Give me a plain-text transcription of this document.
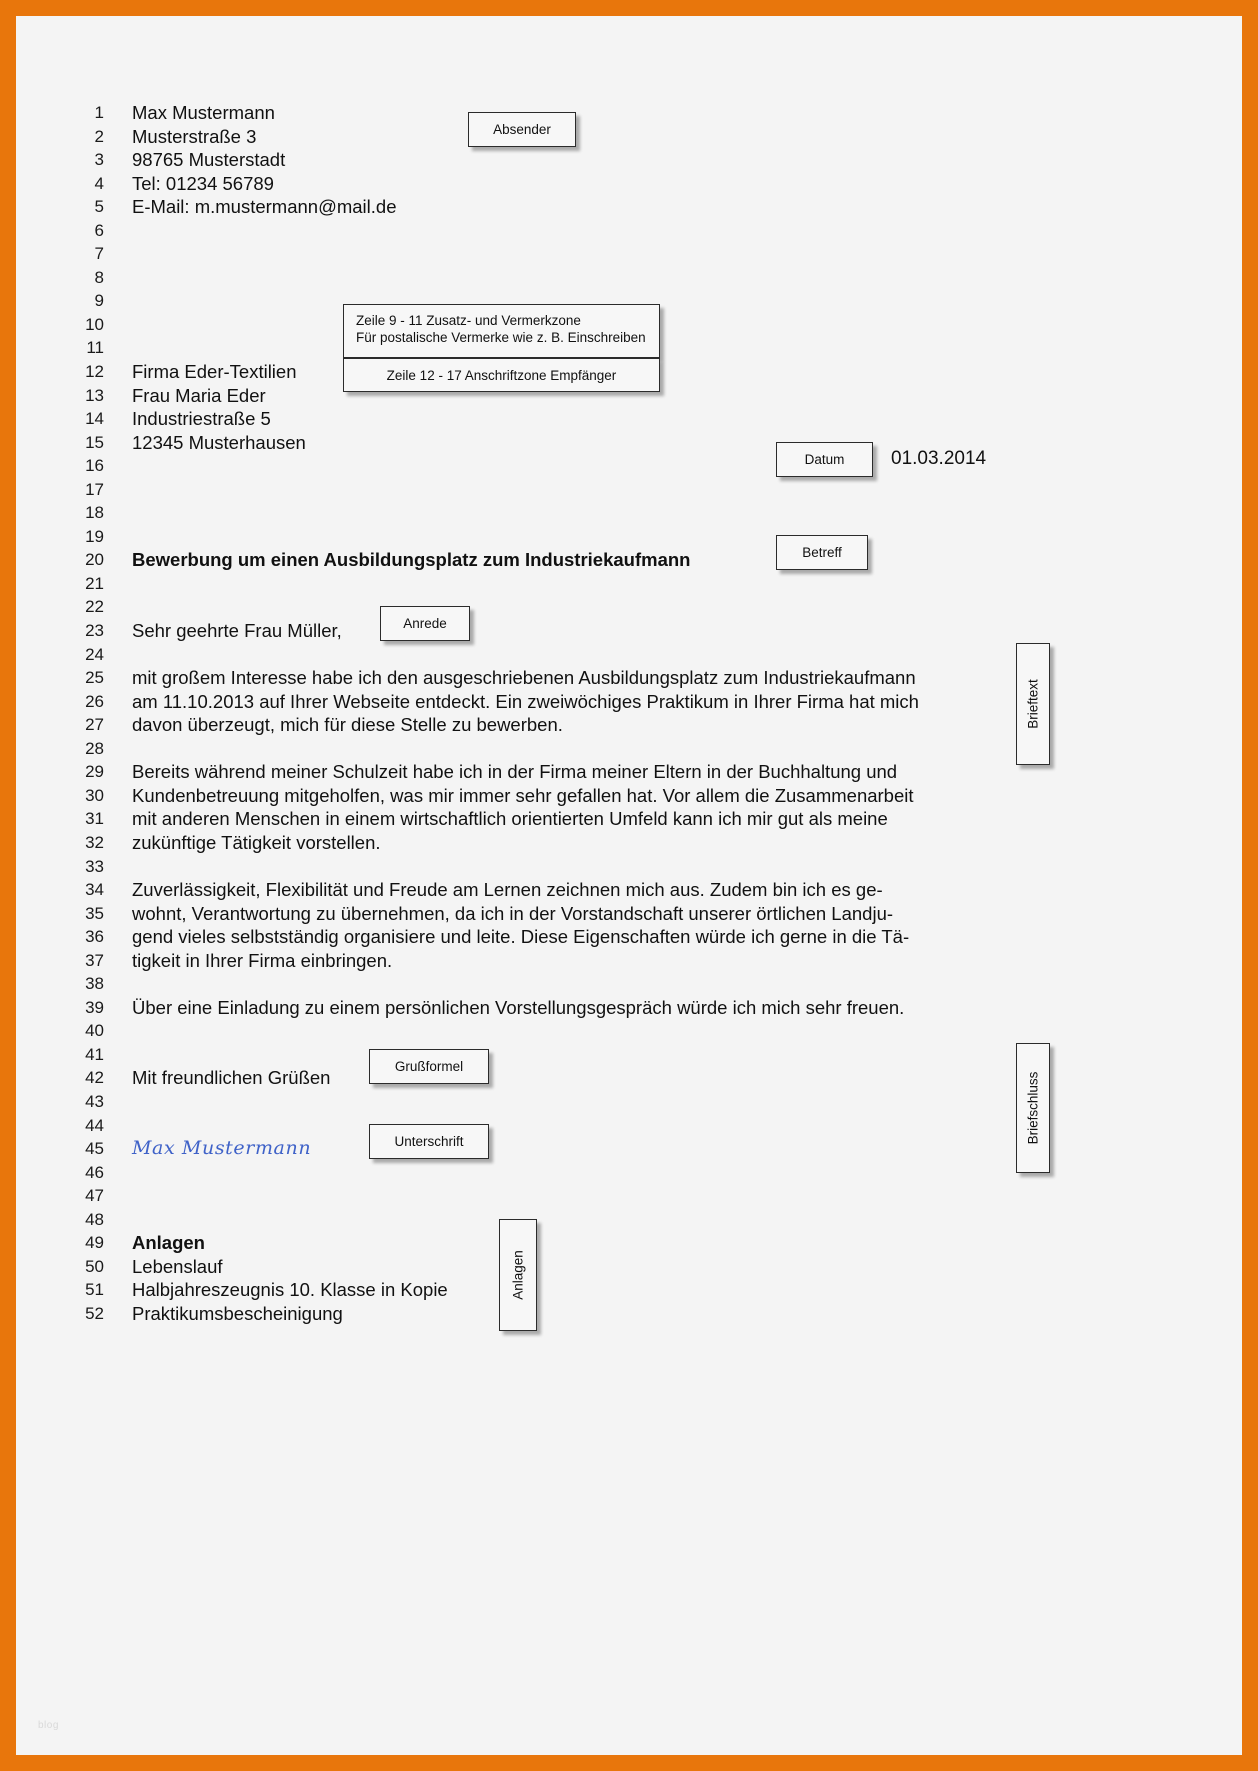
1
2
3
4
5
6
7
8
9
10
11
12
13
14
15
16
17
18
19
20
21
22
23
24
25
26
27
28
29
30
31
32
33
34
35
36
37
38
39
40
41
42
43
44
45
46
47
48
49
50
51
52
Max Mustermann
Musterstraße 3
98765 Musterstadt
Tel: 01234 56789
E-Mail: m.mustermann@mail.de

Firma Eder-Textilien
Frau Maria Eder
Industriestraße 5
12345 Musterhausen

Bewerbung um einen Ausbildungsplatz zum Industriekaufmann

Sehr geehrte Frau Müller,

mit großem Interesse habe ich den ausgeschriebenen Ausbildungsplatz zum Industriekaufmann
am 11.10.2013 auf Ihrer Webseite entdeckt. Ein zweiwöchiges Praktikum in Ihrer Firma hat mich
davon überzeugt, mich für diese Stelle zu bewerben.

Bereits während meiner Schulzeit habe ich in der Firma meiner Eltern in der Buchhaltung und
Kundenbetreuung mitgeholfen, was mir immer sehr gefallen hat. Vor allem die Zusammenarbeit
mit anderen Menschen in einem wirtschaftlich orientierten Umfeld kann ich mir gut als meine
zukünftige Tätigkeit vorstellen.

Zuverlässigkeit, Flexibilität und Freude am Lernen zeichnen mich aus. Zudem bin ich es ge-
wohnt, Verantwortung zu übernehmen, da ich in der Vorstandschaft unserer örtlichen Landju-
gend vieles selbstständig organisiere und leite. Diese Eigenschaften würde ich gerne in die Tä-
tigkeit in Ihrer Firma einbringen.

Über eine Einladung zu einem persönlichen Vorstellungsgespräch würde ich mich sehr freuen.

Mit freundlichen Grüßen

Max Mustermann

Anlagen
Lebenslauf
Halbjahreszeugnis 10. Klasse in Kopie
Praktikumsbescheinigung
Absender
Zeile 9 - 11 Zusatz- und Vermerkzone
Für postalische Vermerke wie z. B. Einschreiben
Zeile 12 - 17 Anschriftzone Empfänger
Datum 01.03.2014
Betreff
Anrede
Brieftext
Grußformel
Unterschrift	Briefschluss
Anlagen
blog
